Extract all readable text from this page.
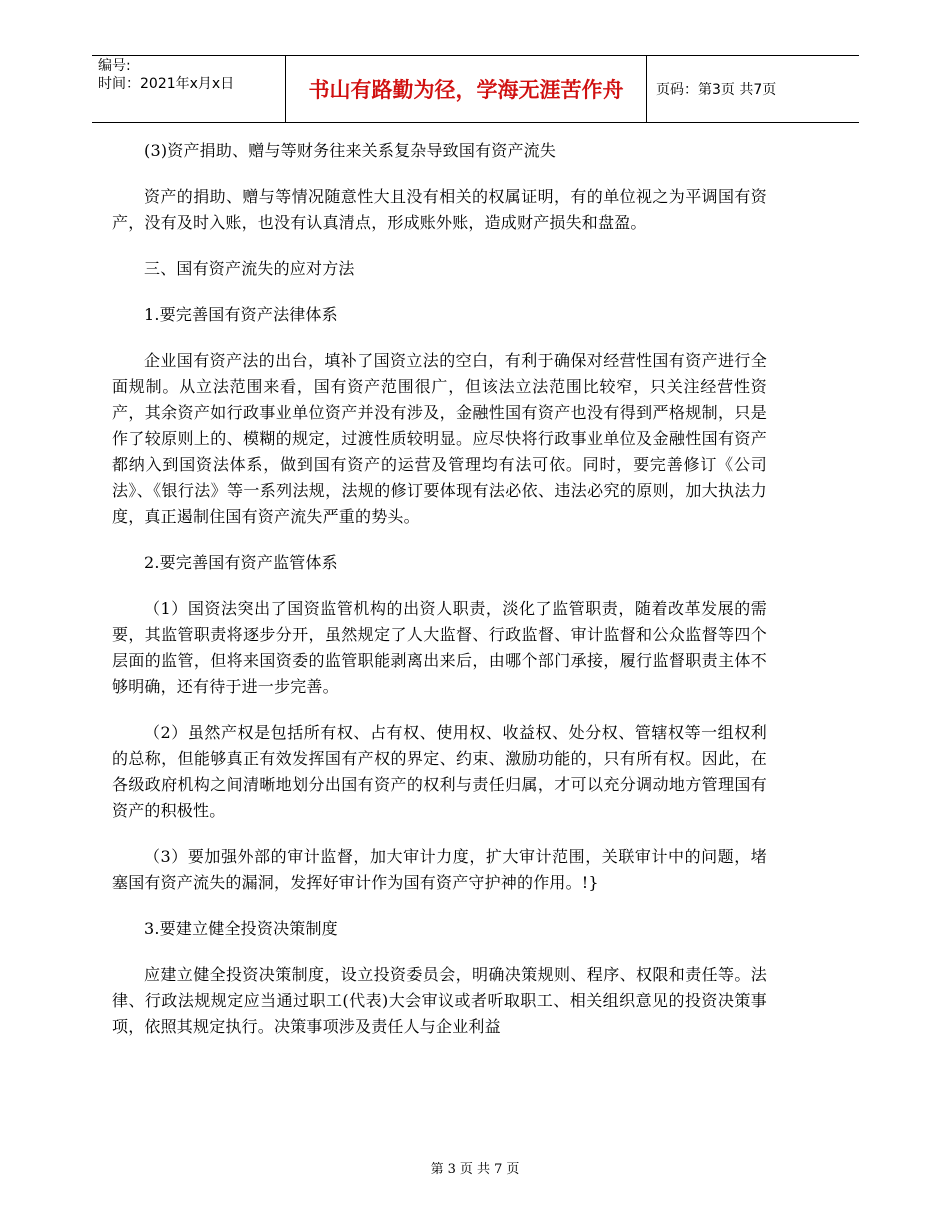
编号:
时间：2021年x月x日	书山有路勤为径，学海无涯苦作舟	页码：第3页 共7页

(3)资产捐助、赠与等财务往来关系复杂导致国有资产流失

资产的捐助、赠与等情况随意性大且没有相关的权属证明，有的单位视之为平调国有资产，没有及时入账，也没有认真清点，形成账外账，造成财产损失和盘盈。

三、国有资产流失的应对方法

1.要完善国有资产法律体系

企业国有资产法的出台，填补了国资立法的空白，有利于确保对经营性国有资产进行全面规制。从立法范围来看，国有资产范围很广，但该法立法范围比较窄，只关注经营性资产，其余资产如行政事业单位资产并没有涉及，金融性国有资产也没有得到严格规制，只是作了较原则上的、模糊的规定，过渡性质较明显。应尽快将行政事业单位及金融性国有资产都纳入到国资法体系，做到国有资产的运营及管理均有法可依。同时，要完善修订《公司法》、《银行法》等一系列法规，法规的修订要体现有法必依、违法必究的原则，加大执法力度，真正遏制住国有资产流失严重的势头。

2.要完善国有资产监管体系

（1）国资法突出了国资监管机构的出资人职责，淡化了监管职责，随着改革发展的需要，其监管职责将逐步分开，虽然规定了人大监督、行政监督、审计监督和公众监督等四个层面的监管，但将来国资委的监管职能剥离出来后，由哪个部门承接，履行监督职责主体不够明确，还有待于进一步完善。

（2）虽然产权是包括所有权、占有权、使用权、收益权、处分权、管辖权等一组权利的总称，但能够真正有效发挥国有产权的界定、约束、激励功能的，只有所有权。因此，在各级政府机构之间清晰地划分出国有资产的权利与责任归属，才可以充分调动地方管理国有资产的积极性。

（3）要加强外部的审计监督，加大审计力度，扩大审计范围，关联审计中的问题，堵塞国有资产流失的漏洞，发挥好审计作为国有资产守护神的作用。!}

3.要建立健全投资决策制度

应建立健全投资决策制度，设立投资委员会，明确决策规则、程序、权限和责任等。法律、行政法规规定应当通过职工(代表)大会审议或者听取职工、相关组织意见的投资决策事项，依照其规定执行。决策事项涉及责任人与企业利益

第 3 页 共 7 页
